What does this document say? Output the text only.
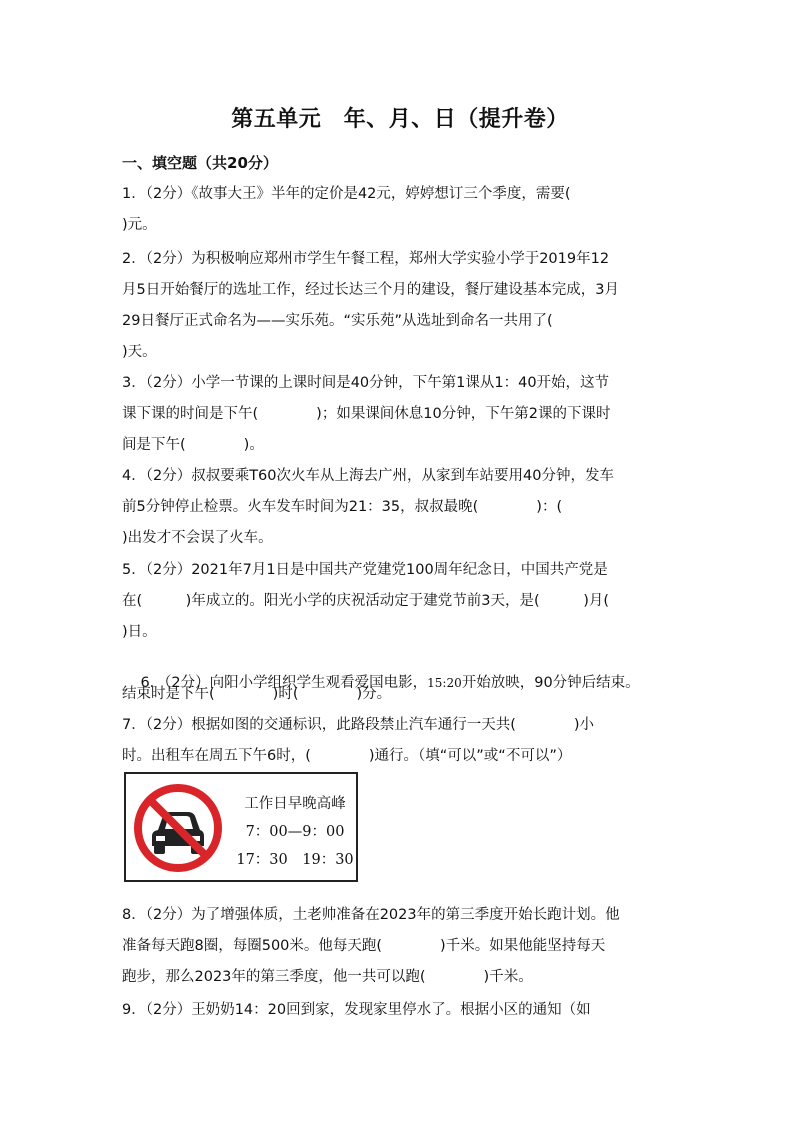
第五单元　年、月、日（提升卷）
一、填空题（共20分）
1．（2分）《故事大王》半年的定价是42元，婷婷想订三个季度，需要(
)元。
2．（2分）为积极响应郑州市学生午餐工程，郑州大学实验小学于2019年12
月5日开始餐厅的选址工作，经过长达三个月的建设，餐厅建设基本完成，3月
29日餐厅正式命名为——实乐苑。“实乐苑”从选址到命名一共用了(
)天。
3．（2分）小学一节课的上课时间是40分钟，下午第1课从1：40开始，这节
课下课的时间是下午(　　　　)；如果课间休息10分钟，下午第2课的下课时
间是下午(　　　　)。
4．（2分）叔叔要乘T60次火车从上海去广州，从家到车站要用40分钟，发车
前5分钟停止检票。火车发车时间为21：35，叔叔最晚(　　　　)：(
)出发才不会误了火车。
5．（2分）2021年7月1日是中国共产党建党100周年纪念日，中国共产党是
在(　　　)年成立的。阳光小学的庆祝活动定于建党节前3天，是(　　　)月(
)日。

6．（2分）向阳小学组织学生观看爱国电影，15:20开始放映，90分钟后结束。

结束时是下午(　　　　)时(　　　　)分。
7．（2分）根据如图的交通标识，此路段禁止汽车通行一天共(　　　　)小
时。出租车在周五下午6时，(　　　　)通行。（填“可以”或“不可以”）
工作日早晚高峰
7：00—9：00
17：30　19：30
8．（2分）为了增强体质，土老帅准备在2023年的第三季度开始长跑计划。他
准备每天跑8圈，每圈500米。他每天跑(　　　　)千米。如果他能坚持每天
跑步，那么2023年的第三季度，他一共可以跑(　　　　)千米。
9．（2分）王奶奶14：20回到家，发现家里停水了。根据小区的通知（如
